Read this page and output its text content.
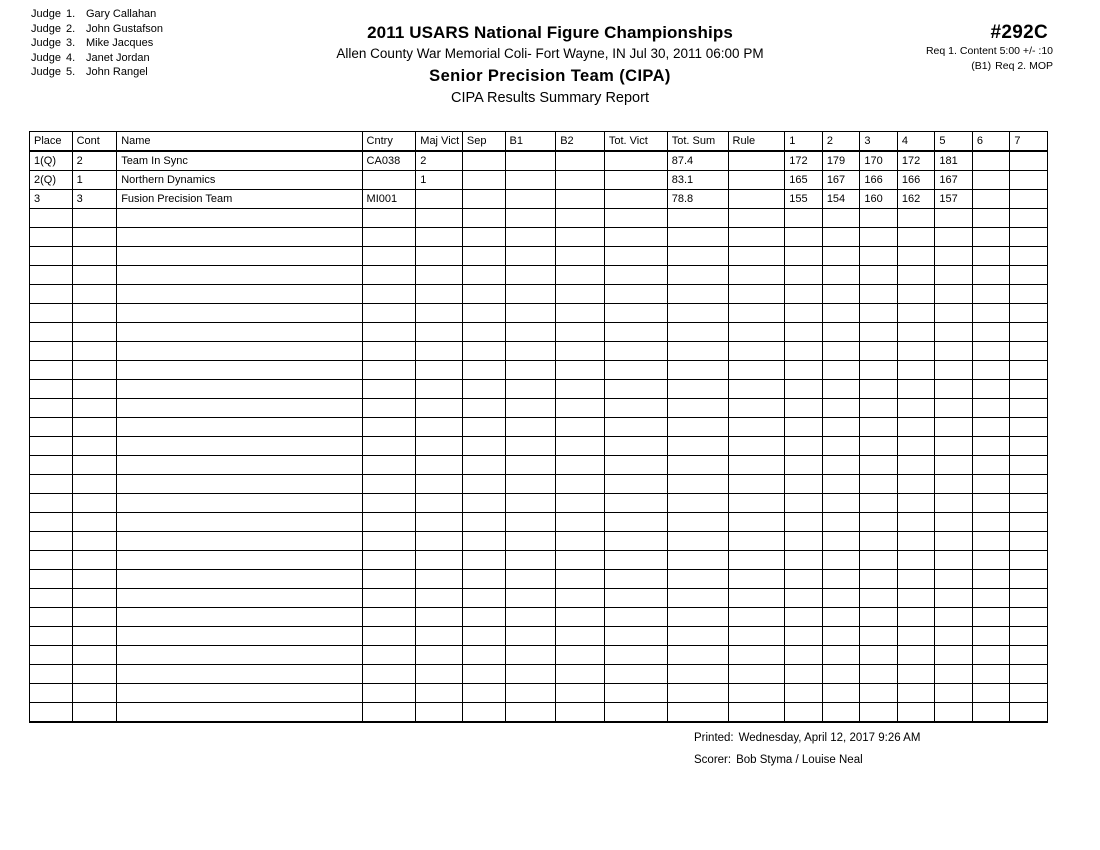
Judge 1. Gary Callahan
Judge 2. John Gustafson
Judge 3. Mike Jacques
Judge 4. Janet Jordan
Judge 5. John Rangel
2011 USARS National Figure Championships
Allen County War Memorial Coli- Fort Wayne, IN Jul 30, 2011 06:00 PM
Senior Precision Team (CIPA)
CIPA Results Summary Report
#292C
Req 1. Content 5:00 +/- :10
(B1) Req 2. MOP
Place	Cont	Name	Cntry	Maj Vict	Sep	B1	B2	Tot. Vict	Tot. Sum	Rule	1	2	3	4	5	6	7
1(Q)	2	Team In Sync	CA038	2					87.4		172	179	170	172	181		
2(Q)	1	Northern Dynamics		1					83.1		165	167	166	166	167		
3	3	Fusion Precision Team	MI001						78.8		155	154	160	162	157		

Printed: Wednesday, April 12, 2017 9:26 AM
Scorer: Bob Styma / Louise Neal
